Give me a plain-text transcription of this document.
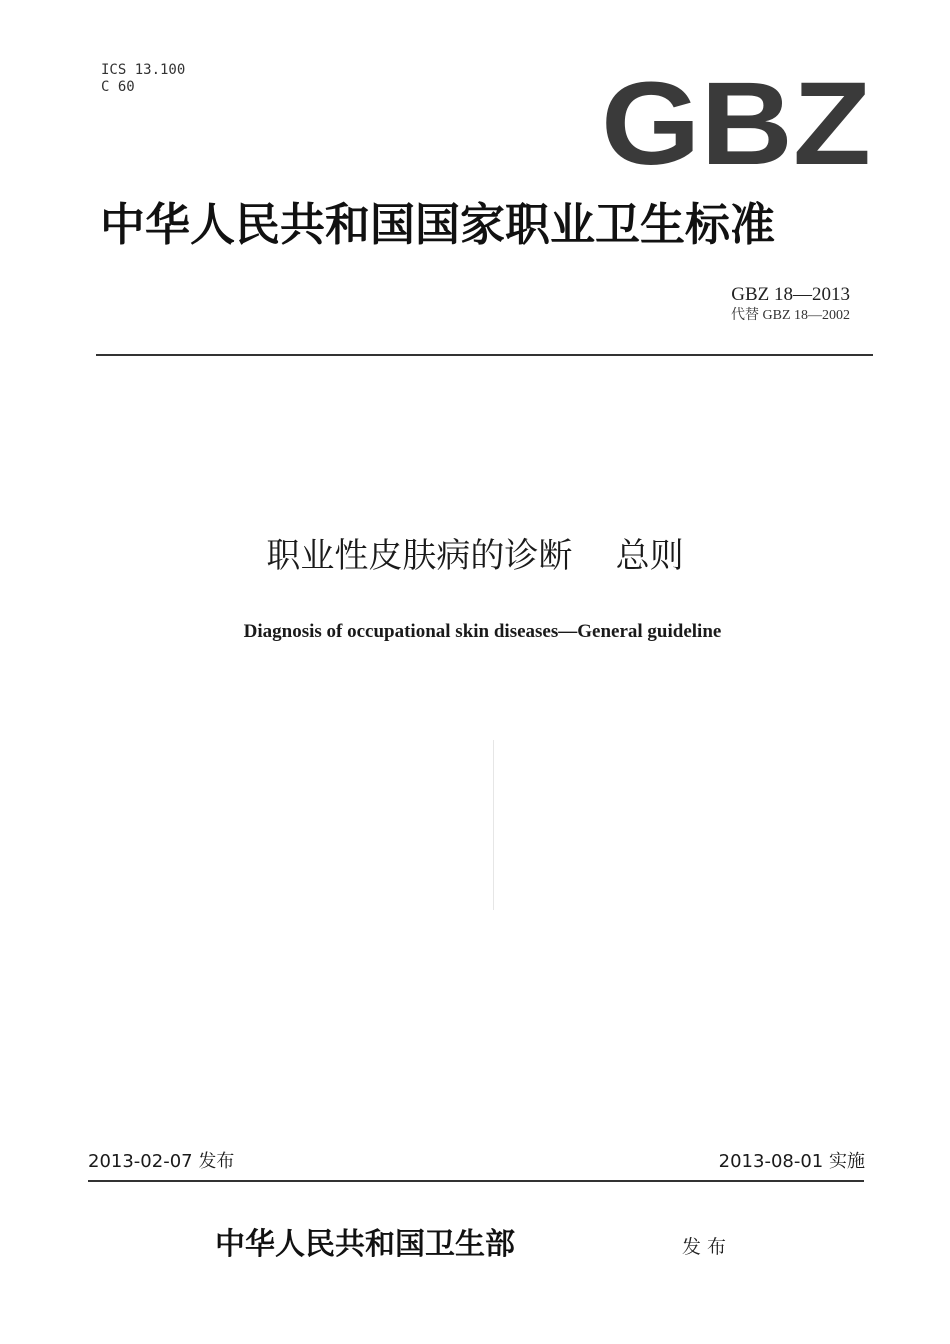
ICS 13.100
C 60	GBZ
中华人民共和国国家职业卫生标准
GBZ 18—2013
代替 GBZ 18—2002
职业性皮肤病的诊断    总则
Diagnosis of occupational skin diseases—General guideline
2013-02-07 发布	2013-08-01 实施
中华人民共和国卫生部	发布
